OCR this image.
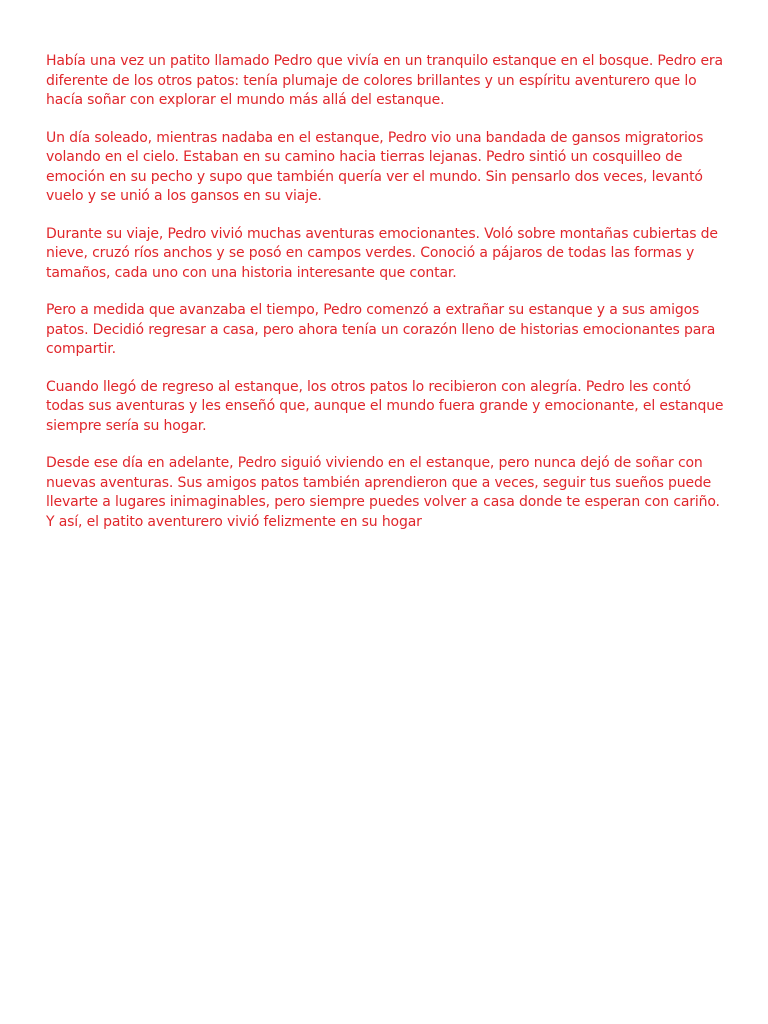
Había una vez un patito llamado Pedro que vivía en un tranquilo estanque en el bosque. Pedro era diferente de los otros patos: tenía plumaje de colores brillantes y un espíritu aventurero que lo hacía soñar con explorar el mundo más allá del estanque.

Un día soleado, mientras nadaba en el estanque, Pedro vio una bandada de gansos migratorios volando en el cielo. Estaban en su camino hacia tierras lejanas. Pedro sintió un cosquilleo de emoción en su pecho y supo que también quería ver el mundo. Sin pensarlo dos veces, levantó vuelo y se unió a los gansos en su viaje.

Durante su viaje, Pedro vivió muchas aventuras emocionantes. Voló sobre montañas cubiertas de nieve, cruzó ríos anchos y se posó en campos verdes. Conoció a pájaros de todas las formas y tamaños, cada uno con una historia interesante que contar.

Pero a medida que avanzaba el tiempo, Pedro comenzó a extrañar su estanque y a sus amigos patos. Decidió regresar a casa, pero ahora tenía un corazón lleno de historias emocionantes para compartir.

Cuando llegó de regreso al estanque, los otros patos lo recibieron con alegría. Pedro les contó todas sus aventuras y les enseñó que, aunque el mundo fuera grande y emocionante, el estanque siempre sería su hogar.

Desde ese día en adelante, Pedro siguió viviendo en el estanque, pero nunca dejó de soñar con nuevas aventuras. Sus amigos patos también aprendieron que a veces, seguir tus sueños puede llevarte a lugares inimaginables, pero siempre puedes volver a casa donde te esperan con cariño. Y así, el patito aventurero vivió felizmente en su hogar
